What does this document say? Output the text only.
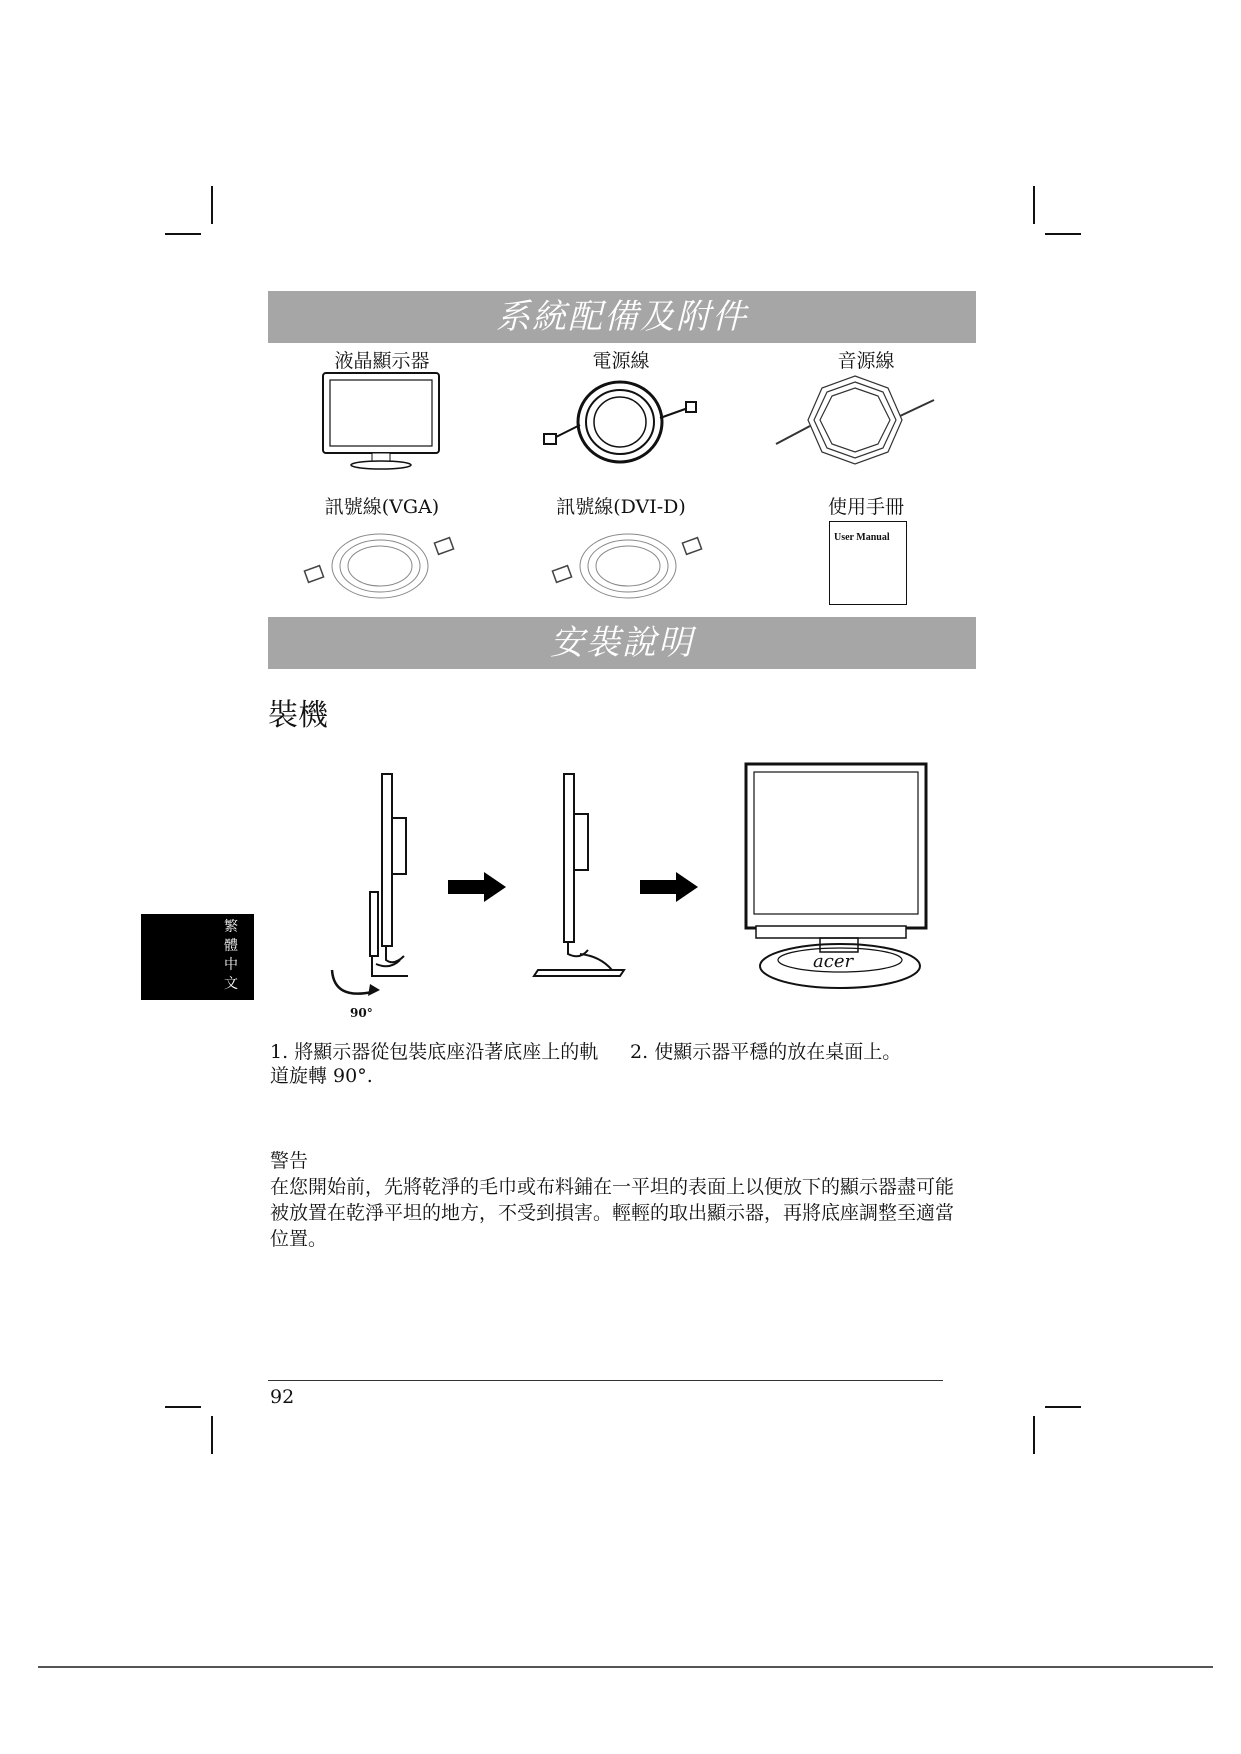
系統配備及附件
液晶顯示器	電源線	音源線
訊號線(VGA)	訊號線(DVI-D)	使用手冊
User Manual
安裝說明
裝機
繁體中文
90°
acer
1. 將顯示器從包裝底座沿著底座上的軌道旋轉 90°.
2. 使顯示器平穩的放在桌面上。
警告
在您開始前，先將乾淨的毛巾或布料鋪在一平坦的表面上以便放下的顯示器盡可能被放置在乾淨平坦的地方，不受到損害。輕輕的取出顯示器，再將底座調整至適當位置。
92
